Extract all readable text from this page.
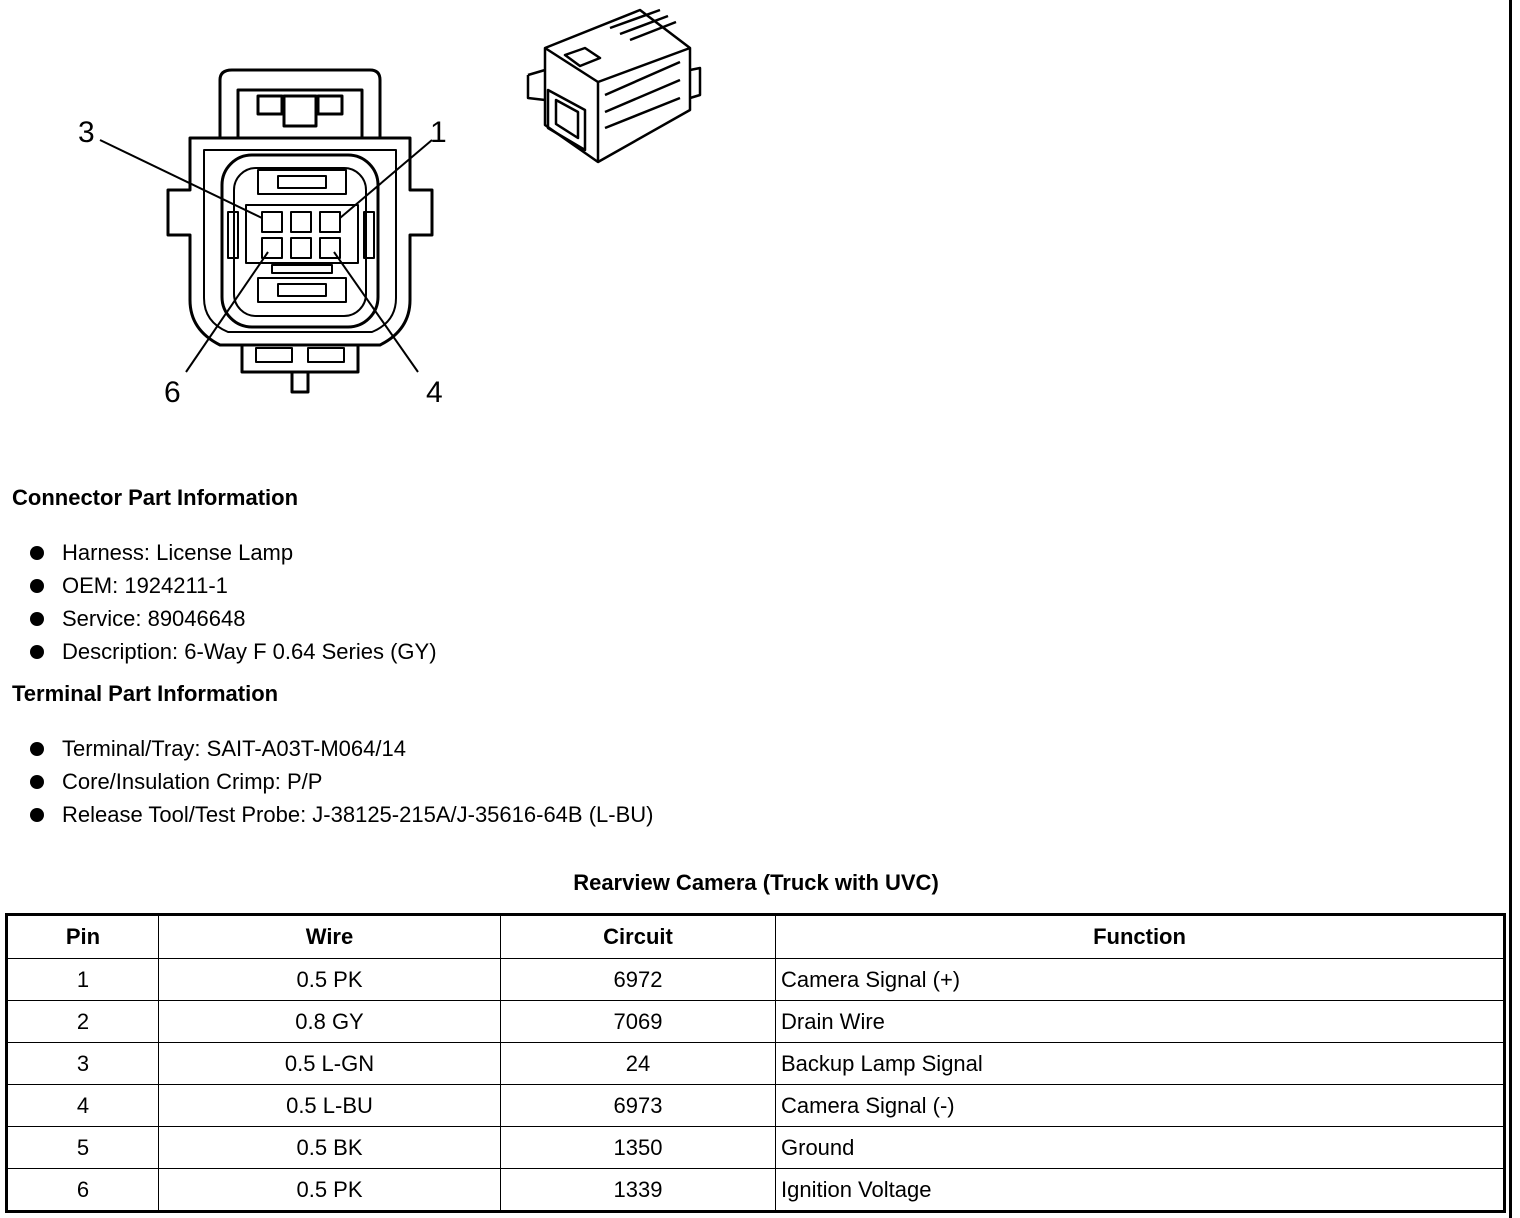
3	1
6	4
Connector Part Information
Harness: License Lamp
OEM: 1924211-1
Service: 89046648
Description: 6-Way F 0.64 Series (GY)
Terminal Part Information
Terminal/Tray: SAIT-A03T-M064/14
Core/Insulation Crimp: P/P
Release Tool/Test Probe: J-38125-215A/J-35616-64B (L-BU)
Rearview Camera (Truck with UVC)
Pin	Wire	Circuit	Function
1	0.5 PK	6972	Camera Signal (+)
2	0.8 GY	7069	Drain Wire
3	0.5 L-GN	24	Backup Lamp Signal
4	0.5 L-BU	6973	Camera Signal (-)
5	0.5 BK	1350	Ground
6	0.5 PK	1339	Ignition Voltage
